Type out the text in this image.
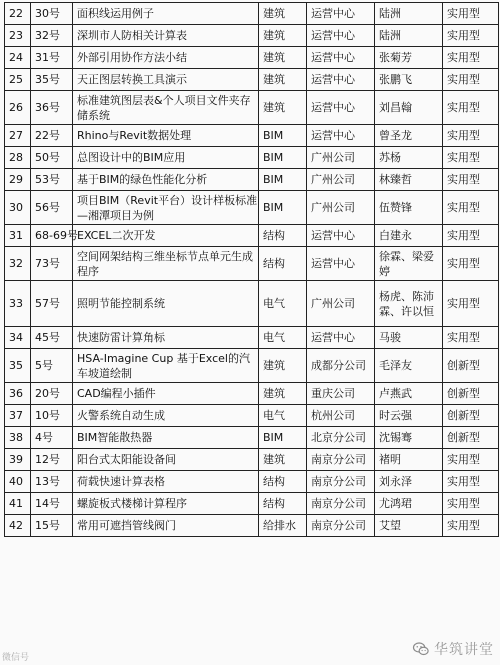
22	30号	面积线运用例子	建筑	运营中心	陆洲	实用型
23	32号	深圳市人防相关计算表	建筑	运营中心	陆洲	实用型
24	31号	外部引用协作方法小结	建筑	运营中心	张菊芳	实用型
25	35号	天正图层转换工具演示	建筑	运营中心	张鹏飞	实用型
26	36号	标准建筑图层表&个人项目文件夹存储系统	建筑	运营中心	刘昌翰	实用型
27	22号	Rhino与Revit数据处理	BIM	运营中心	曾圣龙	实用型
28	50号	总图设计中的BIM应用	BIM	广州公司	苏杨	实用型
29	53号	基于BIM的绿色性能化分析	BIM	广州公司	林臻哲	实用型
30	56号	项目BIM（Revit平台）设计样板标准—湘潭项目为例	BIM	广州公司	伍赞锋	实用型
31	68-69号	EXCEL二次开发	结构	运营中心	白建永	实用型
32	73号	空间网架结构三维坐标节点单元生成程序	结构	运营中心	徐霖、梁爱婷	实用型
33	57号	照明节能控制系统	电气	广州公司	杨虎、陈沛霖、许以恒	实用型
34	45号	快速防雷计算角标	电气	运营中心	马骏	实用型
35	5号	HSA-Imagine Cup 基于Excel的汽车坡道绘制	建筑	成都分公司	毛泽友	创新型
36	20号	CAD编程小插件	建筑	重庆公司	卢燕武	创新型
37	10号	火警系统自动生成	电气	杭州公司	时云强	创新型
38	4号	BIM智能散热器	BIM	北京分公司	沈锡骞	创新型
39	12号	阳台式太阳能设备间	建筑	南京分公司	褚明	实用型
40	13号	荷载快速计算表格	结构	南京分公司	刘永泽	实用型
41	14号	螺旋板式楼梯计算程序	结构	南京分公司	尤鸿珺	实用型
42	15号	常用可遮挡管线阀门	给排水	南京分公司	艾望	实用型
华筑讲堂
微信号
